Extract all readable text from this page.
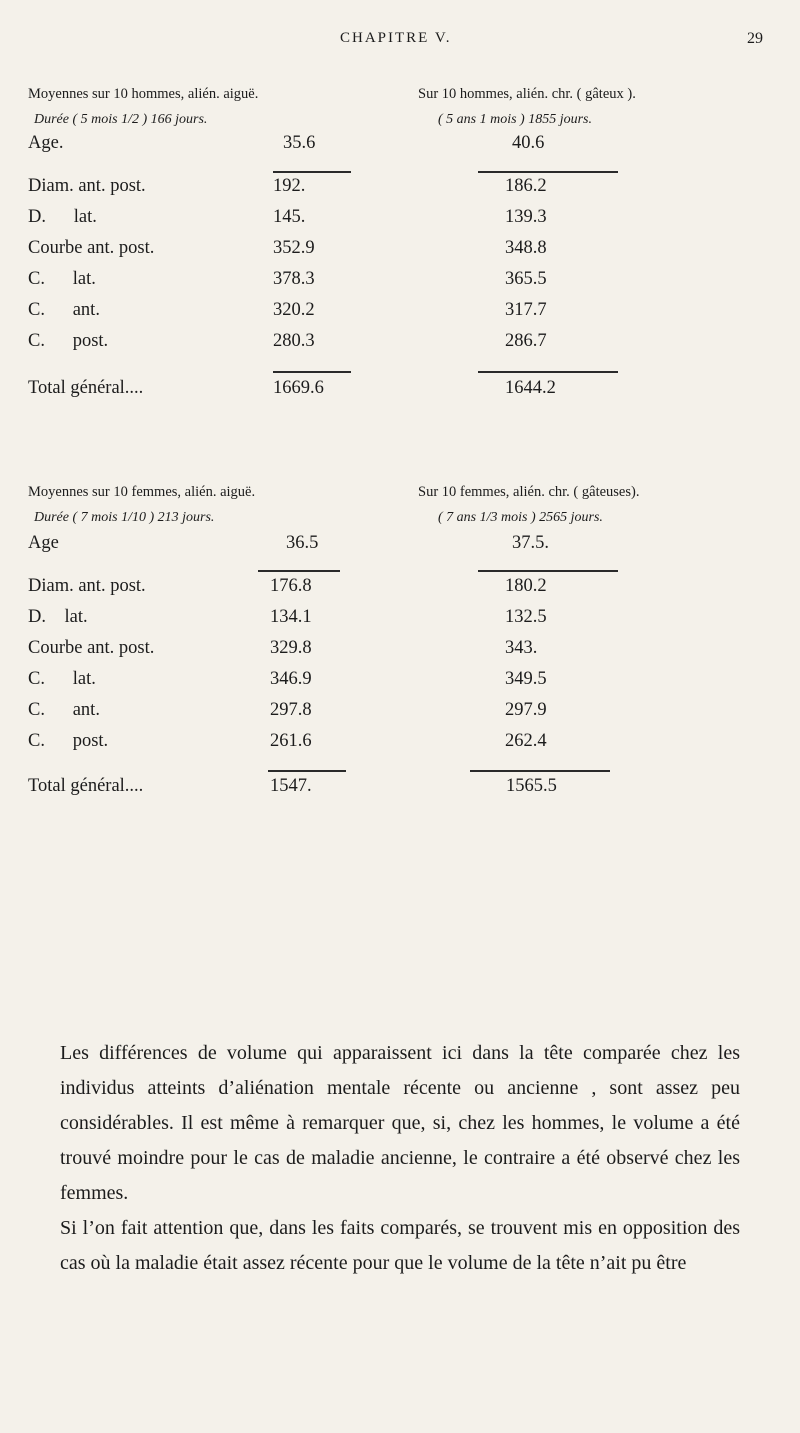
CHAPITRE V.	29
Moyennes sur 10 hommes, alién. aiguë.	Sur 10 hommes, alién. chr. ( gâteux ).
Durée ( 5 mois 1/2 ) 166 jours.	( 5 ans 1 mois ) 1855 jours.
Age.	35.6	40.6
Diam. ant. post.	192.	186.2
D.      lat.	145.	139.3
Courbe ant. post.	352.9	348.8
C.      lat.	378.3	365.5
C.      ant.	320.2	317.7
C.      post.	280.3	286.7
Total général....	1669.6	1644.2
Moyennes sur 10 femmes, alién. aiguë.	Sur 10 femmes, alién. chr. ( gâteuses).
Durée ( 7 mois 1/10 ) 213 jours.	( 7 ans 1/3 mois ) 2565 jours.
Age	36.5	37.5.
Diam. ant. post.	176.8	180.2
D.    lat.	134.1	132.5
Courbe ant. post.	329.8	343.
C.      lat.	346.9	349.5
C.      ant.	297.8	297.9
C.      post.	261.6	262.4
Total général....	1547.	1565.5

Les différences de volume qui apparaissent ici dans la tête comparée chez les individus atteints d’aliénation mentale récente ou ancienne , sont assez peu considérables. Il est même à remarquer que, si, chez les hommes, le volume a été trouvé moindre pour le cas de maladie ancienne, le contraire a été observé chez les femmes.

Si l’on fait attention que, dans les faits comparés, se trouvent mis en opposition des cas où la maladie était assez récente pour que le volume de la tête n’ait pu être
